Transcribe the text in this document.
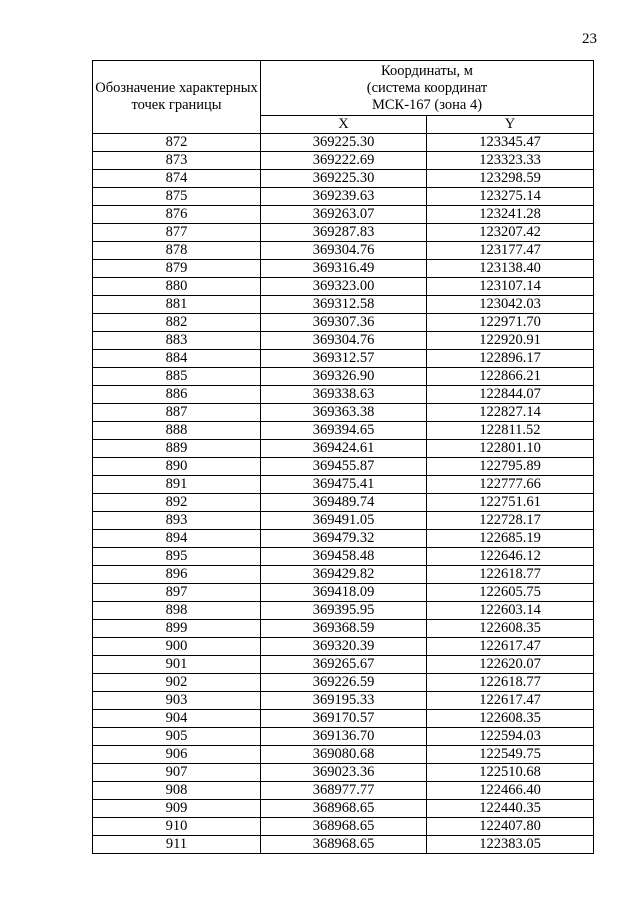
23
Обозначение характерных точек границы	Координаты, м
(система координат
МСК-167 (зона 4)	

	X	Y
872	369225.30	123345.47
873	369222.69	123323.33
874	369225.30	123298.59
875	369239.63	123275.14
876	369263.07	123241.28
877	369287.83	123207.42
878	369304.76	123177.47
879	369316.49	123138.40
880	369323.00	123107.14
881	369312.58	123042.03
882	369307.36	122971.70
883	369304.76	122920.91
884	369312.57	122896.17
885	369326.90	122866.21
886	369338.63	122844.07
887	369363.38	122827.14
888	369394.65	122811.52
889	369424.61	122801.10
890	369455.87	122795.89
891	369475.41	122777.66
892	369489.74	122751.61
893	369491.05	122728.17
894	369479.32	122685.19
895	369458.48	122646.12
896	369429.82	122618.77
897	369418.09	122605.75
898	369395.95	122603.14
899	369368.59	122608.35
900	369320.39	122617.47
901	369265.67	122620.07
902	369226.59	122618.77
903	369195.33	122617.47
904	369170.57	122608.35
905	369136.70	122594.03
906	369080.68	122549.75
907	369023.36	122510.68
908	368977.77	122466.40
909	368968.65	122440.35
910	368968.65	122407.80
911	368968.65	122383.05
